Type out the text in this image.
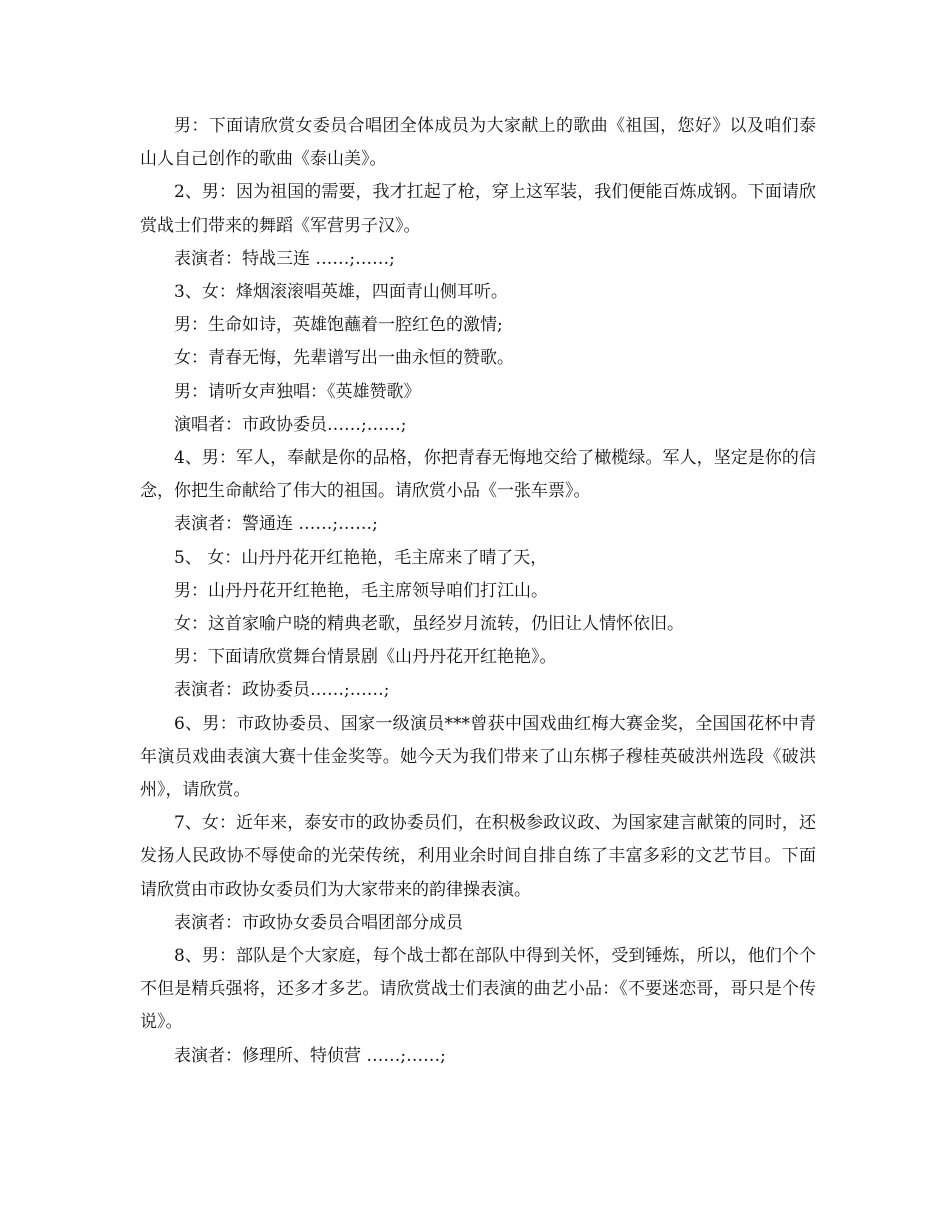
男：下面请欣赏女委员合唱团全体成员为大家献上的歌曲《祖国，您好》以及咱们泰山人自己创作的歌曲《泰山美》。

2、男：因为祖国的需要，我才扛起了枪，穿上这军装，我们便能百炼成钢。下面请欣赏战士们带来的舞蹈《军营男子汉》。

表演者：特战三连 ……;……;

3、女：烽烟滚滚唱英雄，四面青山侧耳听。

男：生命如诗，英雄饱蘸着一腔红色的激情;

女：青春无悔，先辈谱写出一曲永恒的赞歌。

男：请听女声独唱：《英雄赞歌》

演唱者：市政协委员……;……;

4、男：军人，奉献是你的品格，你把青春无悔地交给了橄榄绿。军人，坚定是你的信念，你把生命献给了伟大的祖国。请欣赏小品《一张车票》。

表演者：警通连 ……;……;

5、 女：山丹丹花开红艳艳，毛主席来了晴了天，

男：山丹丹花开红艳艳，毛主席领导咱们打江山。

女：这首家喻户晓的精典老歌，虽经岁月流转，仍旧让人情怀依旧。

男：下面请欣赏舞台情景剧《山丹丹花开红艳艳》。

表演者：政协委员……;……;

6、男：市政协委员、国家一级演员***曾获中国戏曲红梅大赛金奖，全国国花杯中青年演员戏曲表演大赛十佳金奖等。她今天为我们带来了山东梆子穆桂英破洪州选段《破洪州》，请欣赏。

7、女：近年来，泰安市的政协委员们，在积极参政议政、为国家建言献策的同时，还发扬人民政协不辱使命的光荣传统，利用业余时间自排自练了丰富多彩的文艺节目。下面请欣赏由市政协女委员们为大家带来的韵律操表演。

表演者：市政协女委员合唱团部分成员

8、男：部队是个大家庭，每个战士都在部队中得到关怀，受到锤炼，所以，他们个个不但是精兵强将，还多才多艺。请欣赏战士们表演的曲艺小品：《不要迷恋哥，哥只是个传说》。

表演者：修理所、特侦营 ……;……;
